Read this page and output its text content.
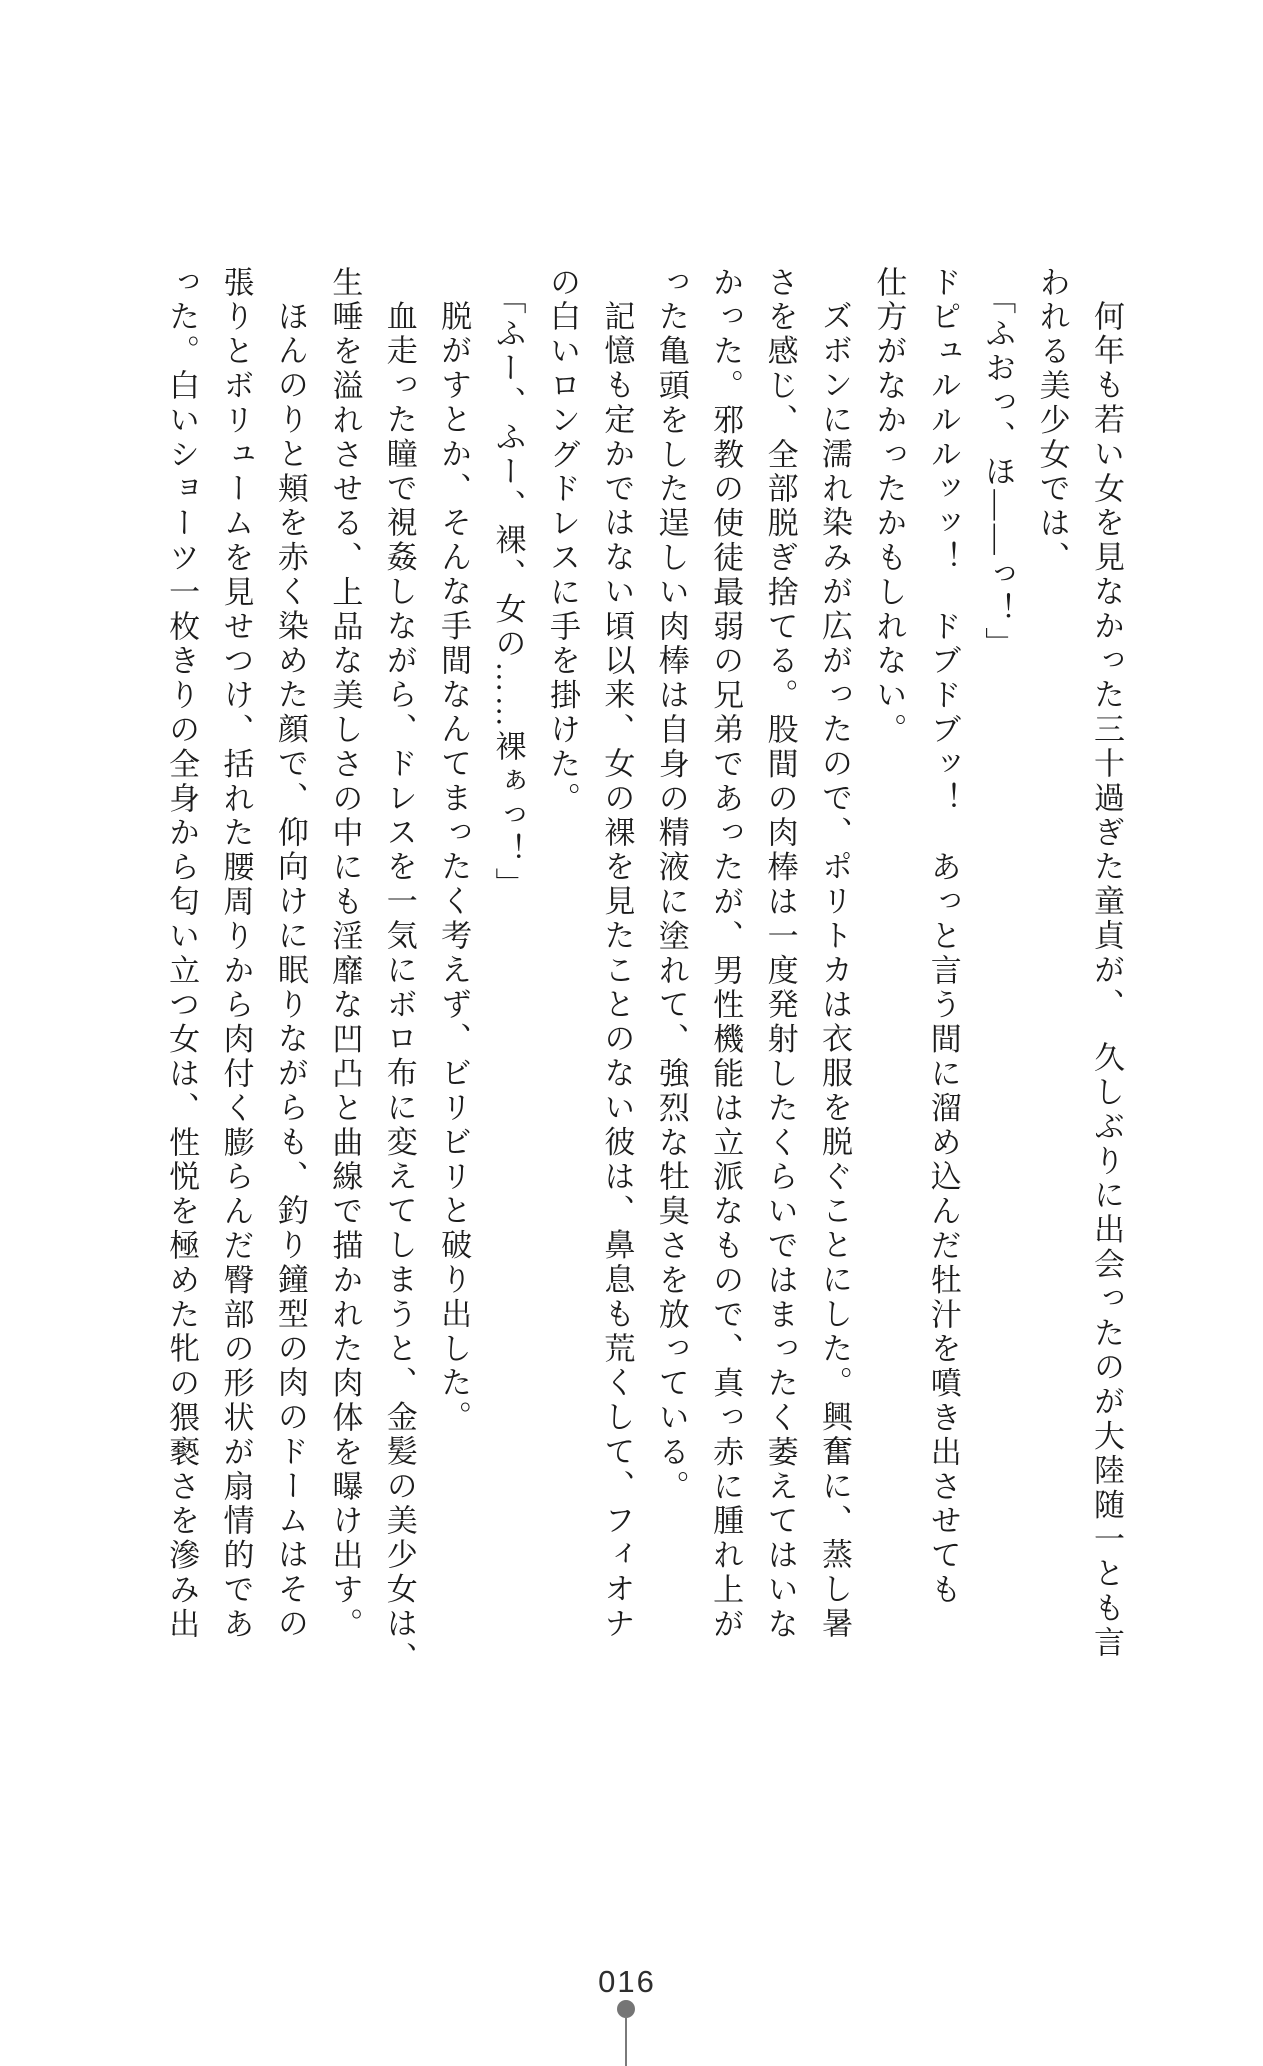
何年も若い女を見なかった三十過ぎた童貞が、　久しぶりに出会ったのが大陸随一とも言
われる美少女では、
「ふおっ、ほ――っ！」
ドピュルルルッッ！　ドブドブッ！　あっと言う間に溜め込んだ牡汁を噴き出させても
仕方がなかったかもしれない。
ズボンに濡れ染みが広がったので、ポリトカは衣服を脱ぐことにした。興奮に、蒸し暑
さを感じ、全部脱ぎ捨てる。股間の肉棒は一度発射したくらいではまったく萎えてはいな
かった。邪教の使徒最弱の兄弟であったが、男性機能は立派なもので、真っ赤に腫れ上が
った亀頭をした逞しい肉棒は自身の精液に塗れて、強烈な牡臭さを放っている。
記憶も定かではない頃以来、女の裸を見たことのない彼は、鼻息も荒くして、フィオナ
の白いロングドレスに手を掛けた。
「ふー、ふー、裸、女の……裸ぁっ！」
脱がすとか、そんな手間なんてまったく考えず、ビリビリと破り出した。
血走った瞳で視姦しながら、ドレスを一気にボロ布に変えてしまうと、金髪の美少女は、
生唾を溢れさせる、上品な美しさの中にも淫靡な凹凸と曲線で描かれた肉体を曝け出す。
ほんのりと頬を赤く染めた顔で、仰向けに眠りながらも、釣り鐘型の肉のドームはその
張りとボリュームを見せつけ、括れた腰周りから肉付く膨らんだ臀部の形状が扇情的であ
った。白いショーツ一枚きりの全身から匂い立つ女は、性悦を極めた牝の猥褻さを滲み出
016
